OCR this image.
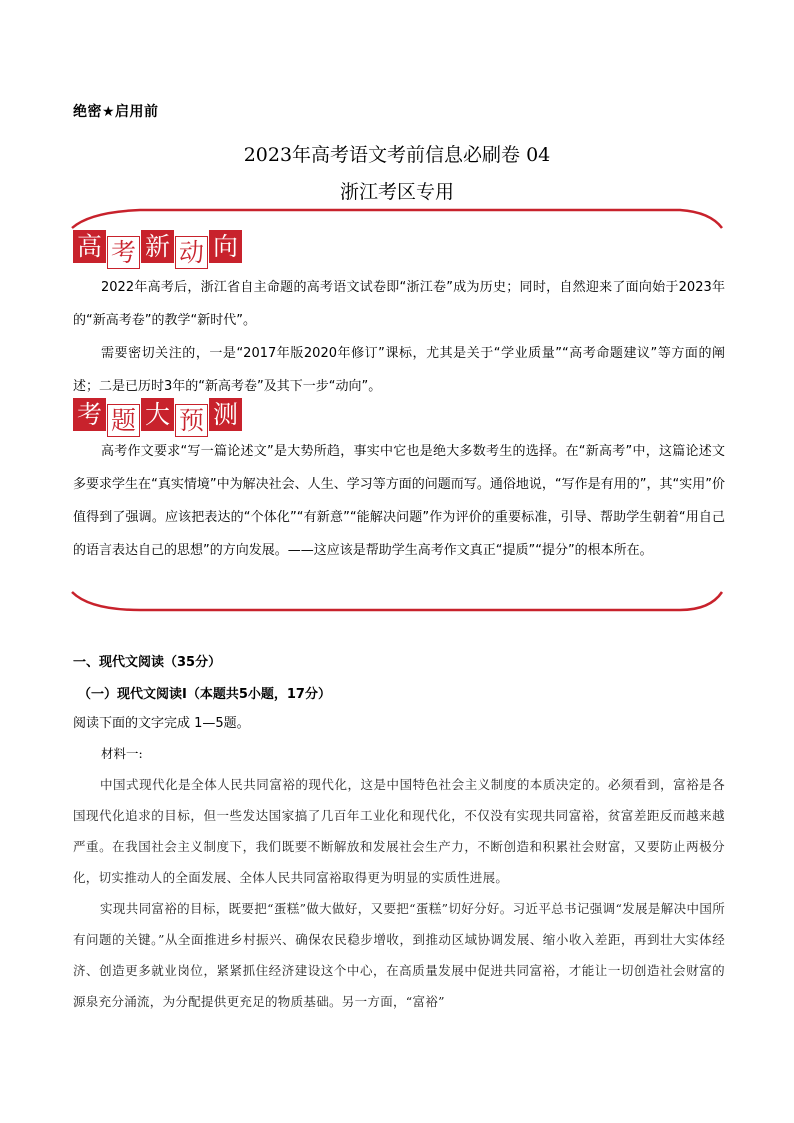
绝密★启用前
2023年高考语文考前信息必刷卷 04
浙江考区专用
高 考 新 动 向

2022年高考后，浙江省自主命题的高考语文试卷即“浙江卷”成为历史；同时，自然迎来了面向始于2023年的“新高考卷”的教学“新时代”。

需要密切关注的，一是“2017年版2020年修订”课标，尤其是关于“学业质量”“高考命题建议”等方面的阐述；二是已历时3年的“新高考卷”及其下一步“动向”。

考 题 大 预 测

高考作文要求“写一篇论述文”是大势所趋，事实中它也是绝大多数考生的选择。在“新高考”中，这篇论述文多要求学生在“真实情境”中为解决社会、人生、学习等方面的问题而写。通俗地说，“写作是有用的”，其“实用”价值得到了强调。应该把表达的“个体化”“有新意”“能解决问题”作为评价的重要标准，引导、帮助学生朝着“用自己的语言表达自己的思想”的方向发展。——这应该是帮助学生高考作文真正“提质”“提分”的根本所在。

一、现代文阅读（35分）
（一）现代文阅读Ⅰ（本题共5小题，17分）
阅读下面的文字完成 1—5题。
材料一:

中国式现代化是全体人民共同富裕的现代化，这是中国特色社会主义制度的本质决定的。必须看到，富裕是各国现代化追求的目标，但一些发达国家搞了几百年工业化和现代化，不仅没有实现共同富裕，贫富差距反而越来越严重。在我国社会主义制度下，我们既要不断解放和发展社会生产力，不断创造和积累社会财富，又要防止两极分化，切实推动人的全面发展、全体人民共同富裕取得更为明显的实质性进展。

实现共同富裕的目标，既要把“蛋糕”做大做好，又要把“蛋糕”切好分好。习近平总书记强调“发展是解决中国所有问题的关键。”从全面推进乡村振兴、确保农民稳步增收，到推动区域协调发展、缩小收入差距，再到壮大实体经济、创造更多就业岗位，紧紧抓住经济建设这个中心，在高质量发展中促进共同富裕，才能让一切创造社会财富的源泉充分涌流，为分配提供更充足的物质基础。另一方面，“富裕”
